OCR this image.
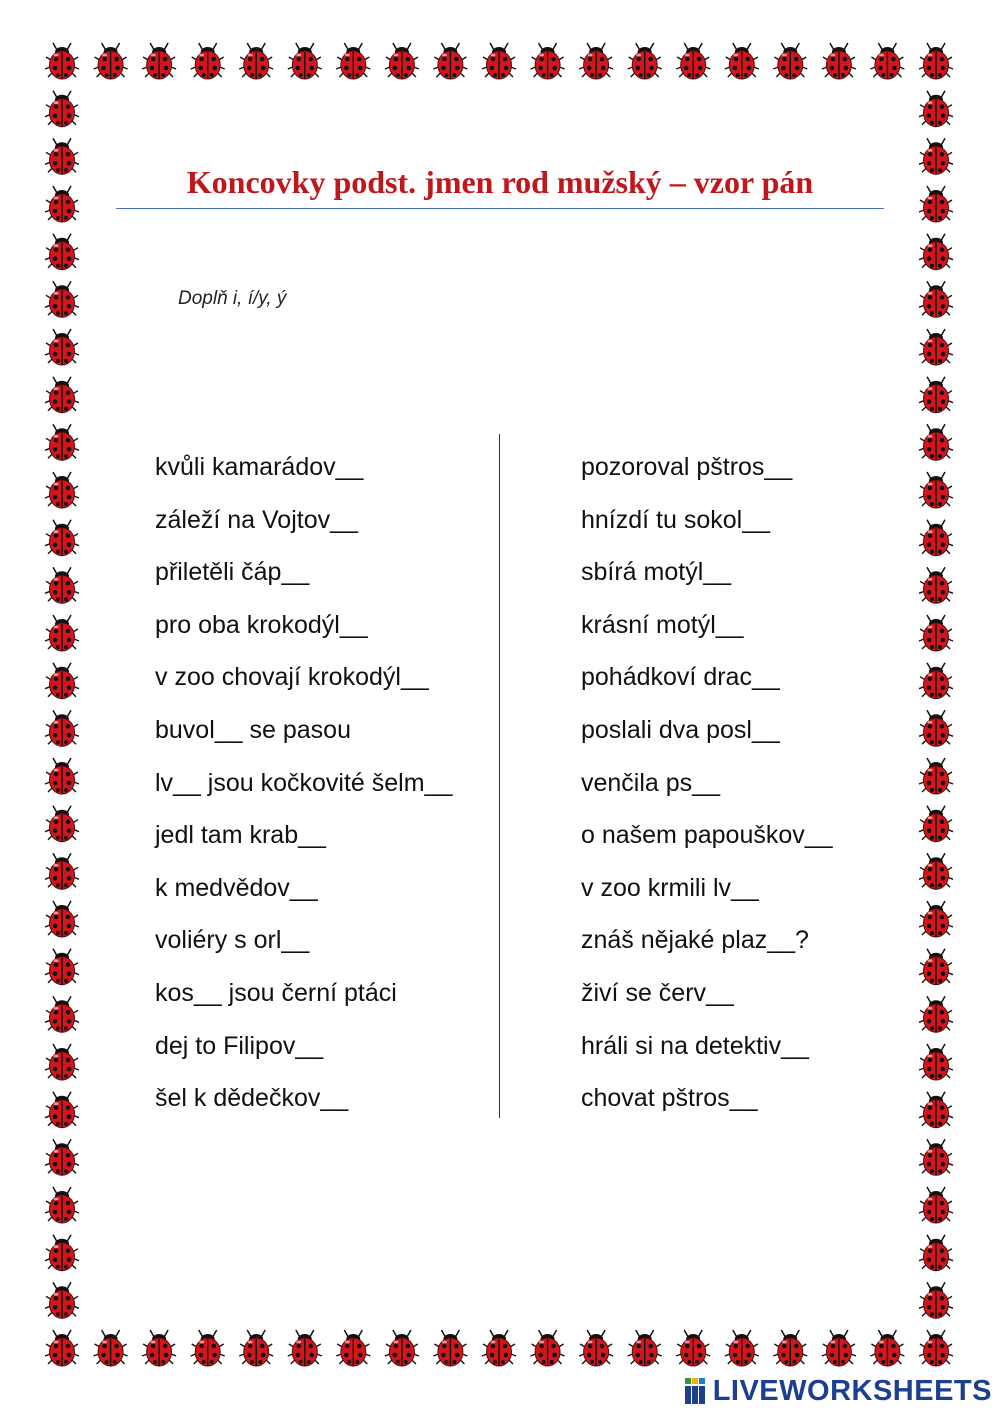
Koncovky podst. jmen rod mužský – vzor pán
Doplň i, í/y, ý
kvůli kamarádov__
záleží na Vojtov__
přiletěli čáp__
pro oba krokodýl__
v zoo chovají krokodýl__
buvol__ se pasou
lv__ jsou kočkovité šelm__
jedl tam krab__
k medvědov__
voliéry s orl__
kos__ jsou černí ptáci
dej to Filipov__
šel k dědečkov__
pozoroval pštros__
hnízdí tu sokol__
sbírá motýl__
krásní motýl__
pohádkoví drac__
poslali dva posl__
venčila ps__
o našem papouškov__
v zoo krmili lv__
znáš nějaké plaz__?
živí se červ__
hráli si na detektiv__
chovat pštros__
LIVEWORKSHEETS
